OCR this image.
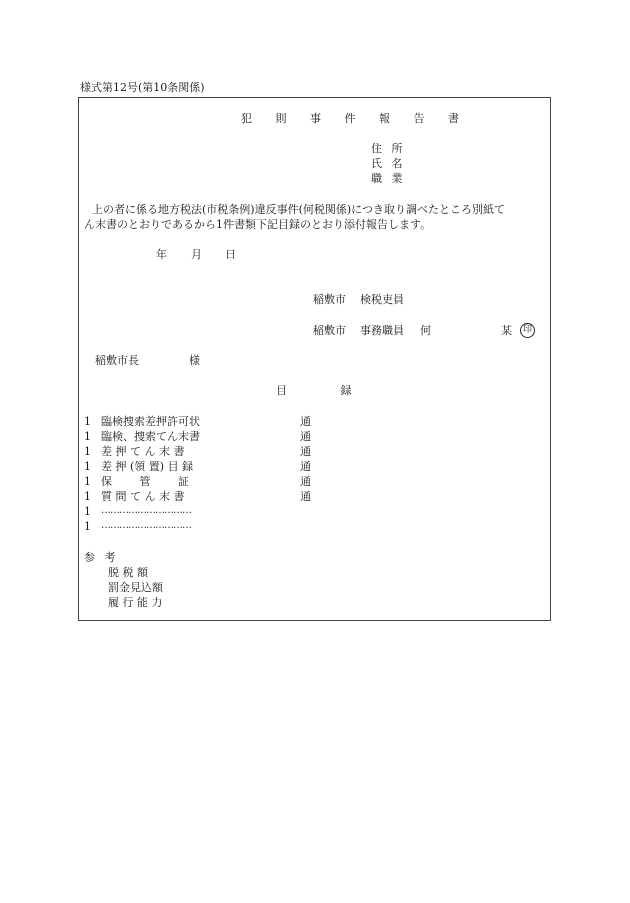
様式第12号(第10条関係)
犯 則 事 件 報 告 書
住 所
氏 名
職 業
上の者に係る地方税法(市税条例)違反事件(何税関係)につき取り調べたところ別紙て
ん末書のとおりであるから1件書類下記目録のとおり添付報告します。
年 月 日
稲敷市 検税吏員
稲敷市 事務職員 何	某	印
稲敷市長	様
目 録
1 臨検捜索差押許可状	通
1 臨検、捜索てん末書	通
1 差 押 て ん 末 書	通
1 差 押 (領 置) 目 録	通
1 保 管 証	通
1 質 問 て ん 末 書	通
1 …………………………
1 …………………………
参 考
脱 税 額
罰金見込額
履 行 能 力
